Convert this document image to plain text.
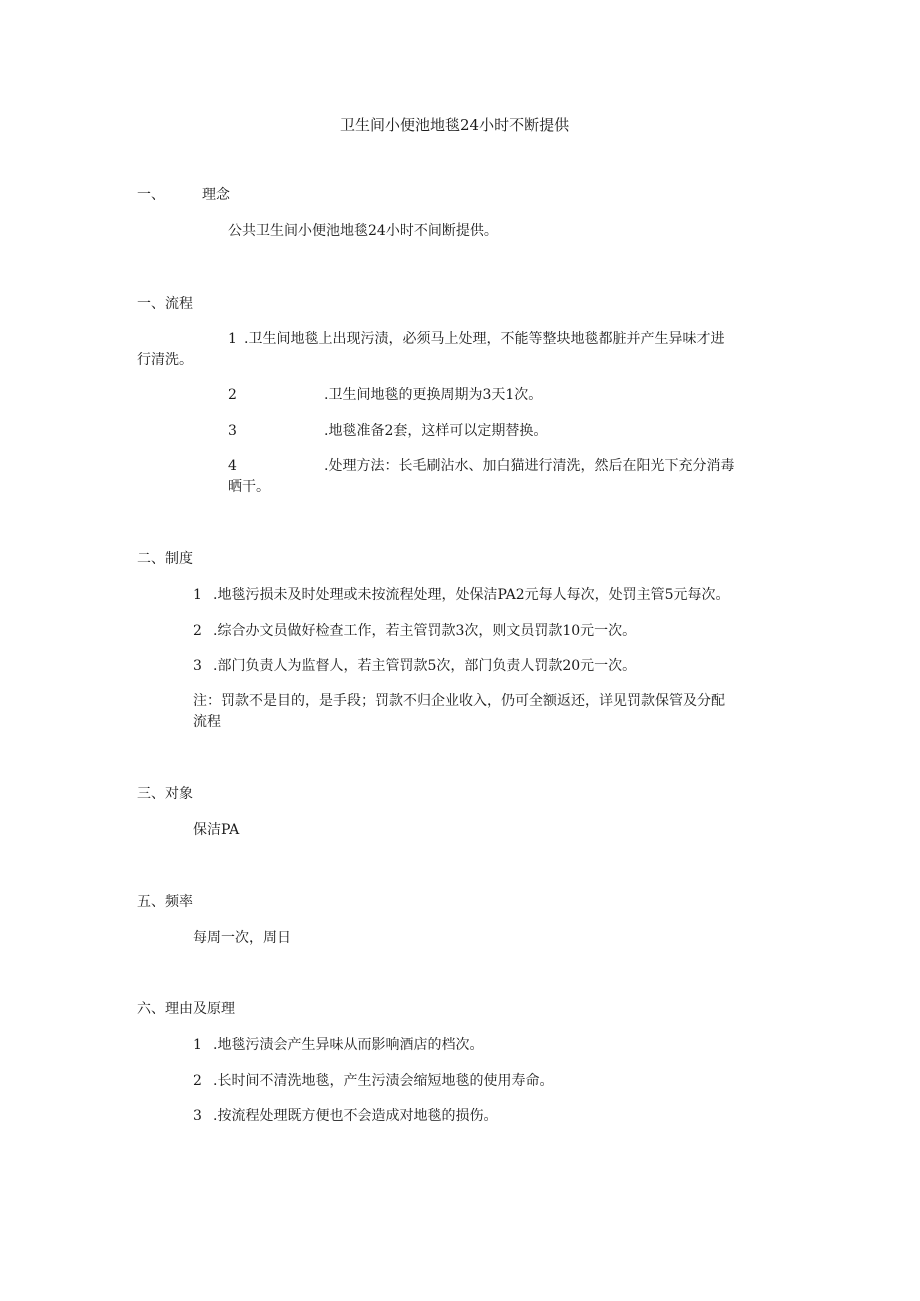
卫生间小便池地毯24小时不断提供
一、	理念
公共卫生间小便池地毯24小时不间断提供。
一、流程
1 .卫生间地毯上出现污渍，必须马上处理，不能等整块地毯都脏并产生异味才进
行清洗。
2	.卫生间地毯的更换周期为3天1次。
3	.地毯准备2套，这样可以定期替换。
4	.处理方法：长毛刷沾水、加白猫进行清洗，然后在阳光下充分消毒
晒干。
二、制度
1 .地毯污损未及时处理或未按流程处理，处保洁PA2元每人每次，处罚主管5元每次。
2 .综合办文员做好检查工作，若主管罚款3次，则文员罚款10元一次。
3 .部门负责人为监督人，若主管罚款5次，部门负责人罚款20元一次。
注：罚款不是目的，是手段；罚款不归企业收入，仍可全额返还，详见罚款保管及分配
流程
三、对象
保洁PA
五、频率
每周一次，周日
六、理由及原理
1 .地毯污渍会产生异味从而影响酒店的档次。
2 .长时间不清洗地毯，产生污渍会缩短地毯的使用寿命。
3 .按流程处理既方便也不会造成对地毯的损伤。
